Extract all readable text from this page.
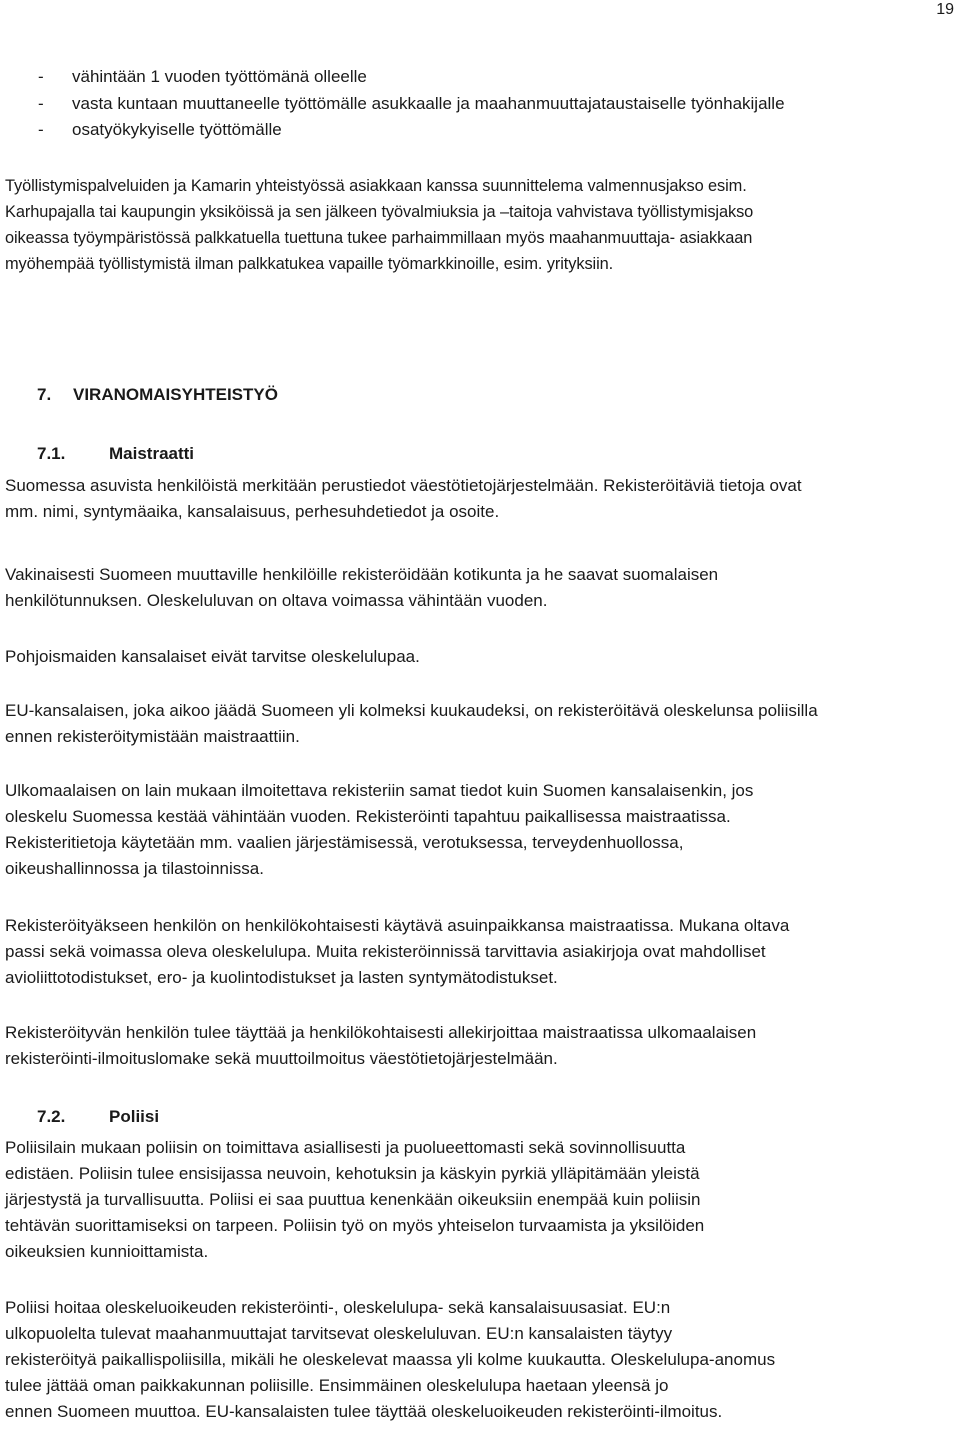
19
- vähintään 1 vuoden työttömänä olleelle
- vasta kuntaan muuttaneelle työttömälle asukkaalle ja maahanmuuttajataustaiselle työnhakijalle
- osatyökykyiselle työttömälle
Työllistymispalveluiden ja Kamarin yhteistyössä asiakkaan kanssa suunnittelema valmennusjakso esim.
Karhupajalla tai kaupungin yksiköissä ja sen jälkeen työvalmiuksia ja –taitoja vahvistava työllistymisjakso
oikeassa työympäristössä palkkatuella tuettuna tukee parhaimmillaan myös maahanmuuttaja- asiakkaan
myöhempää työllistymistä ilman palkkatukea vapaille työmarkkinoille, esim. yrityksiin.
7. VIRANOMAISYHTEISTYÖ
7.1.	Maistraatti
Suomessa asuvista henkilöistä merkitään perustiedot väestötietojärjestelmään. Rekisteröitäviä tietoja ovat
mm. nimi, syntymäaika, kansalaisuus, perhesuhdetiedot ja osoite.
Vakinaisesti Suomeen muuttaville henkilöille rekisteröidään kotikunta ja he saavat suomalaisen
henkilötunnuksen. Oleskeluluvan on oltava voimassa vähintään vuoden.
Pohjoismaiden kansalaiset eivät tarvitse oleskelulupaa.
EU-kansalaisen, joka aikoo jäädä Suomeen yli kolmeksi kuukaudeksi, on rekisteröitävä oleskelunsa poliisilla
ennen rekisteröitymistään maistraattiin.
Ulkomaalaisen on lain mukaan ilmoitettava rekisteriin samat tiedot kuin Suomen kansalaisenkin, jos
oleskelu Suomessa kestää vähintään vuoden. Rekisteröinti tapahtuu paikallisessa maistraatissa.
Rekisteritietoja käytetään mm. vaalien järjestämisessä, verotuksessa, terveydenhuollossa,
oikeushallinnossa ja tilastoinnissa.
Rekisteröityäkseen henkilön on henkilökohtaisesti käytävä asuinpaikkansa maistraatissa. Mukana oltava
passi sekä voimassa oleva oleskelulupa. Muita rekisteröinnissä tarvittavia asiakirjoja ovat mahdolliset
avioliittotodistukset, ero- ja kuolintodistukset ja lasten syntymätodistukset.
Rekisteröityvän henkilön tulee täyttää ja henkilökohtaisesti allekirjoittaa maistraatissa ulkomaalaisen
rekisteröinti-ilmoituslomake sekä muuttoilmoitus väestötietojärjestelmään.
7.2.	Poliisi
Poliisilain mukaan poliisin on toimittava asiallisesti ja puolueettomasti sekä sovinnollisuutta
edistäen. Poliisin tulee ensisijassa neuvoin, kehotuksin ja käskyin pyrkiä ylläpitämään yleistä
järjestystä ja turvallisuutta. Poliisi ei saa puuttua kenenkään oikeuksiin enempää kuin poliisin
tehtävän suorittamiseksi on tarpeen. Poliisin työ on myös yhteiselon turvaamista ja yksilöiden
oikeuksien kunnioittamista.
Poliisi hoitaa oleskeluoikeuden rekisteröinti-, oleskelulupa- sekä kansalaisuusasiat. EU:n
ulkopuolelta tulevat maahanmuuttajat tarvitsevat oleskeluluvan. EU:n kansalaisten täytyy
rekisteröityä paikallispoliisilla, mikäli he oleskelevat maassa yli kolme kuukautta. Oleskelulupa-anomus
tulee jättää oman paikkakunnan poliisille. Ensimmäinen oleskelulupa haetaan yleensä jo
ennen Suomeen muuttoa. EU-kansalaisten tulee täyttää oleskeluoikeuden rekisteröinti-ilmoitus.
